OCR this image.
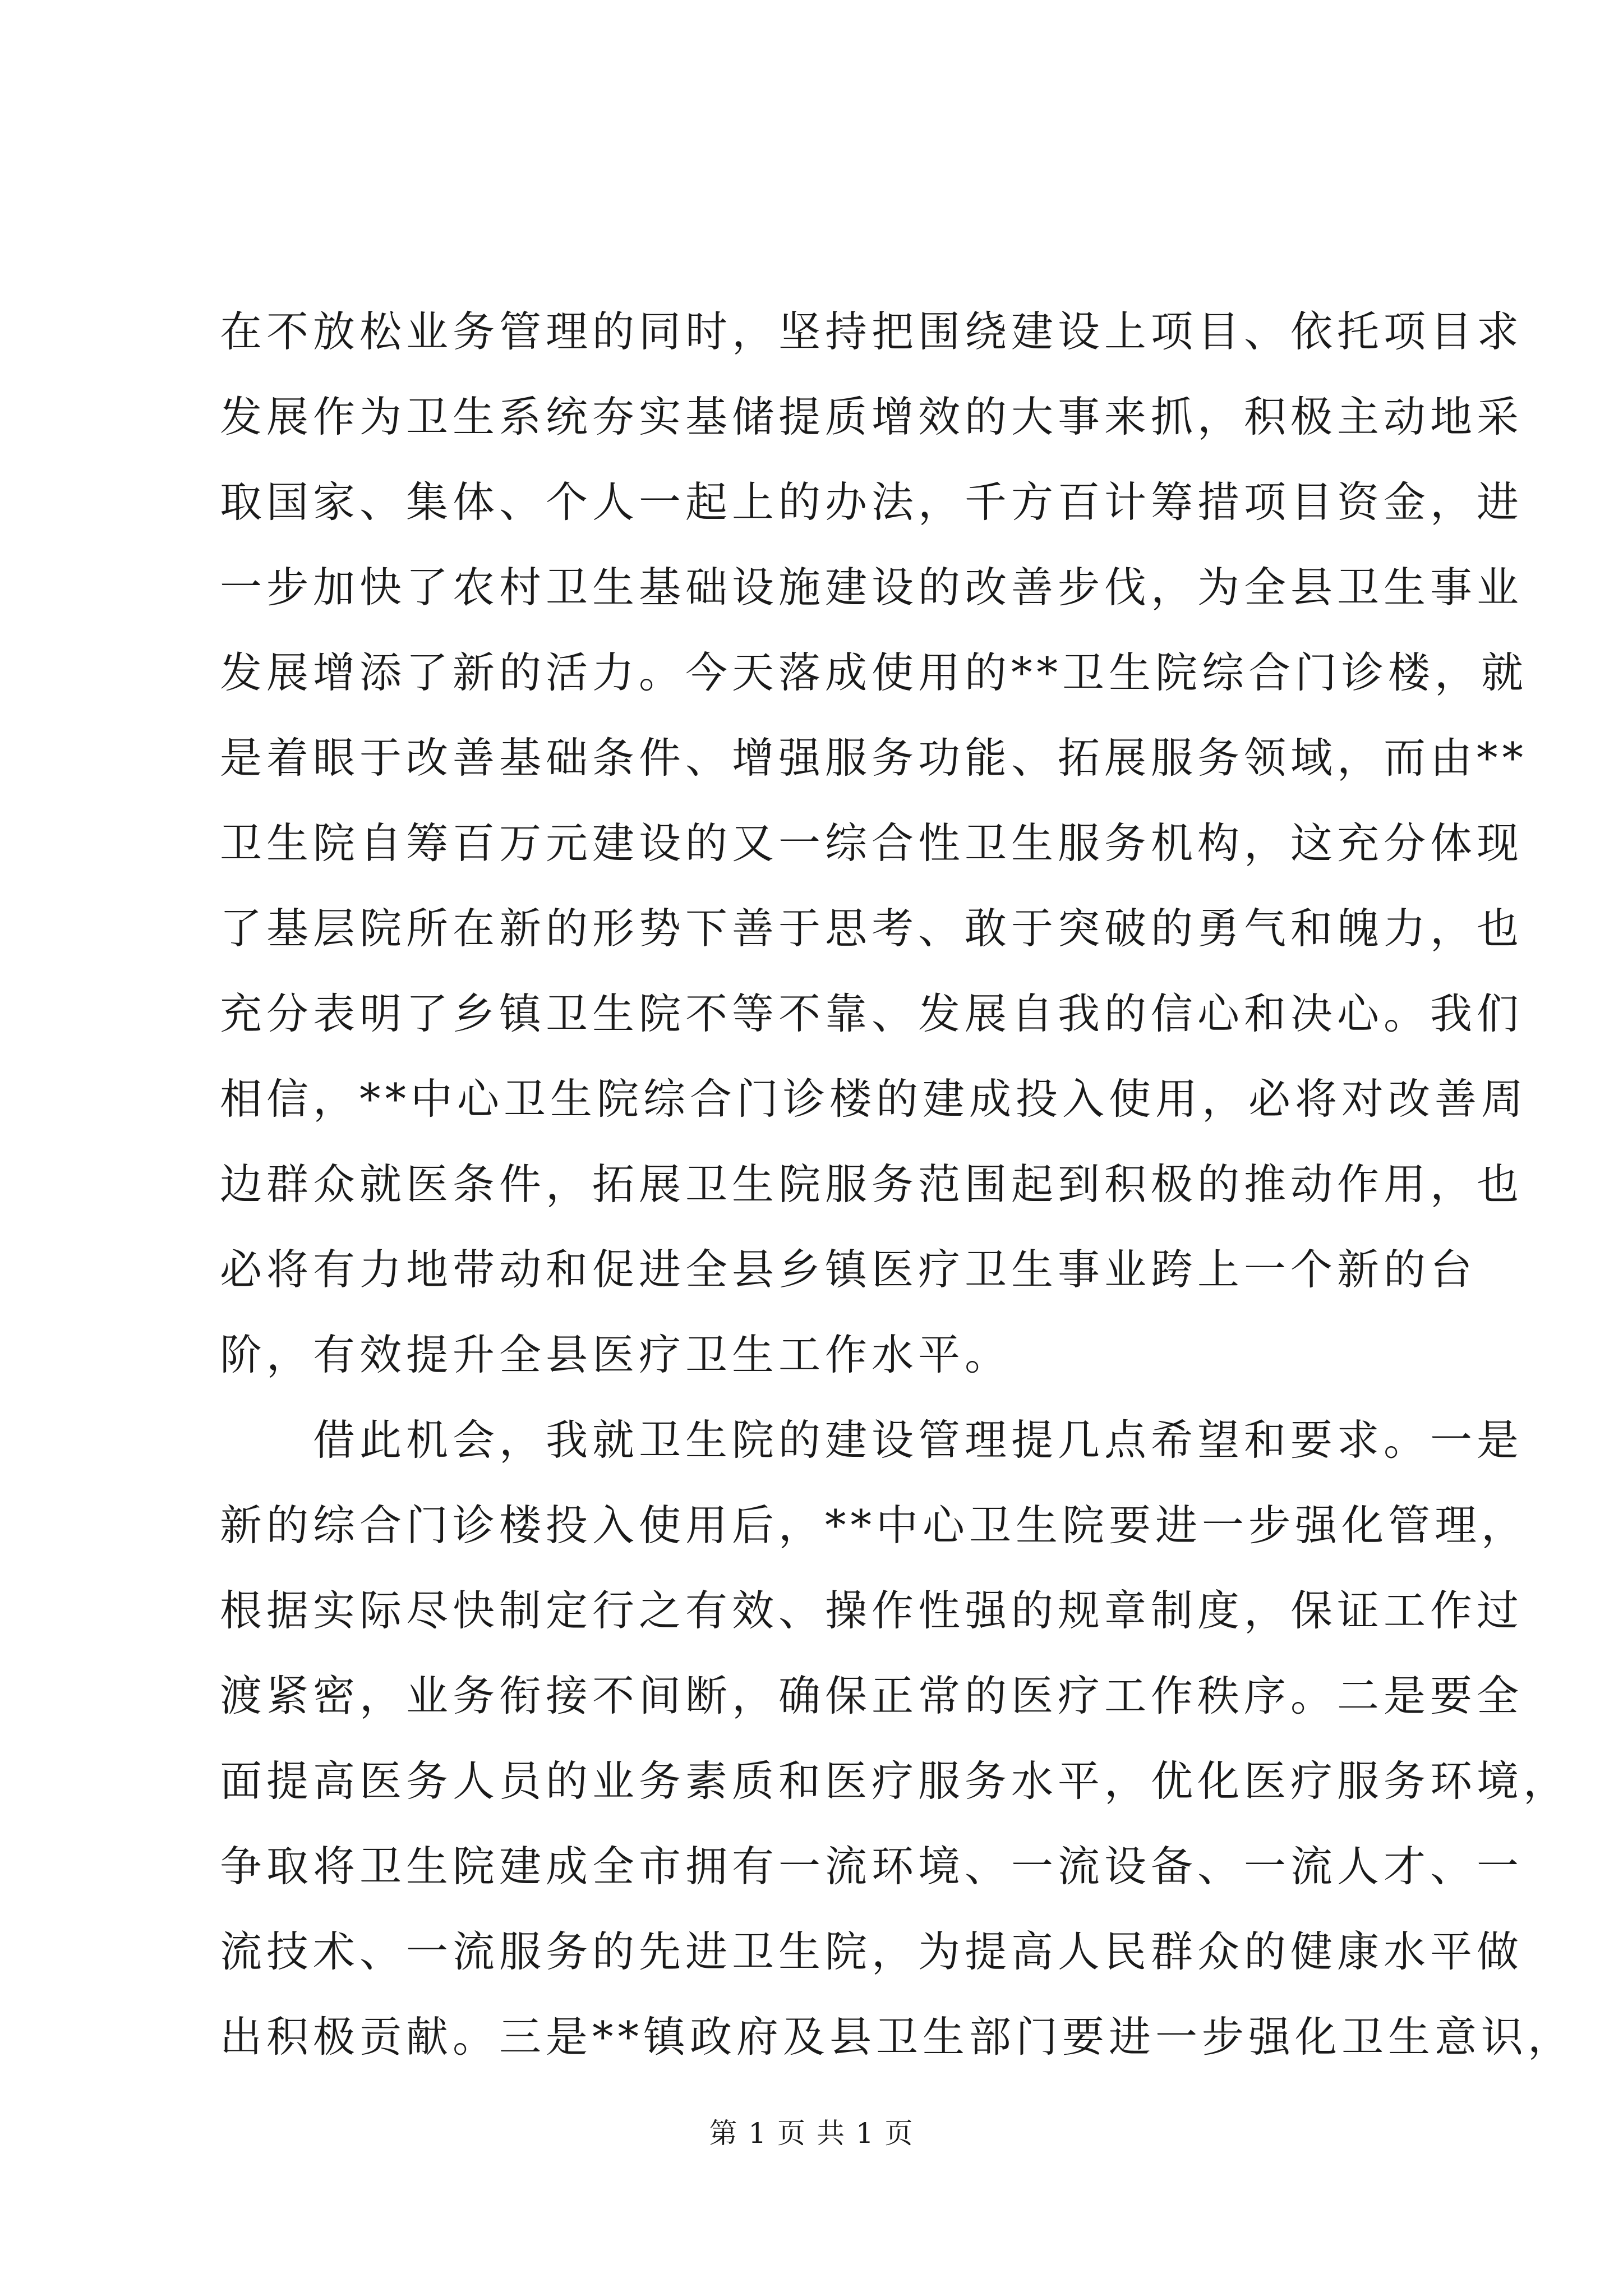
在不放松业务管理的同时，坚持把围绕建设上项目、依托项目求
发展作为卫生系统夯实基储提质增效的大事来抓，积极主动地采
取国家、集体、个人一起上的办法，千方百计筹措项目资金，进
一步加快了农村卫生基础设施建设的改善步伐，为全县卫生事业
发展增添了新的活力。今天落成使用的**卫生院综合门诊楼，就
是着眼于改善基础条件、增强服务功能、拓展服务领域，而由**
卫生院自筹百万元建设的又一综合性卫生服务机构，这充分体现
了基层院所在新的形势下善于思考、敢于突破的勇气和魄力，也
充分表明了乡镇卫生院不等不靠、发展自我的信心和决心。我们
相信，**中心卫生院综合门诊楼的建成投入使用，必将对改善周
边群众就医条件，拓展卫生院服务范围起到积极的推动作用，也
必将有力地带动和促进全县乡镇医疗卫生事业跨上一个新的台
阶，有效提升全县医疗卫生工作水平。
　　借此机会，我就卫生院的建设管理提几点希望和要求。一是
新的综合门诊楼投入使用后，**中心卫生院要进一步强化管理，
根据实际尽快制定行之有效、操作性强的规章制度，保证工作过
渡紧密，业务衔接不间断，确保正常的医疗工作秩序。二是要全
面提高医务人员的业务素质和医疗服务水平，优化医疗服务环境，
争取将卫生院建成全市拥有一流环境、一流设备、一流人才、一
流技术、一流服务的先进卫生院，为提高人民群众的健康水平做
出积极贡献。三是**镇政府及县卫生部门要进一步强化卫生意识，
第 1 页 共 1 页
